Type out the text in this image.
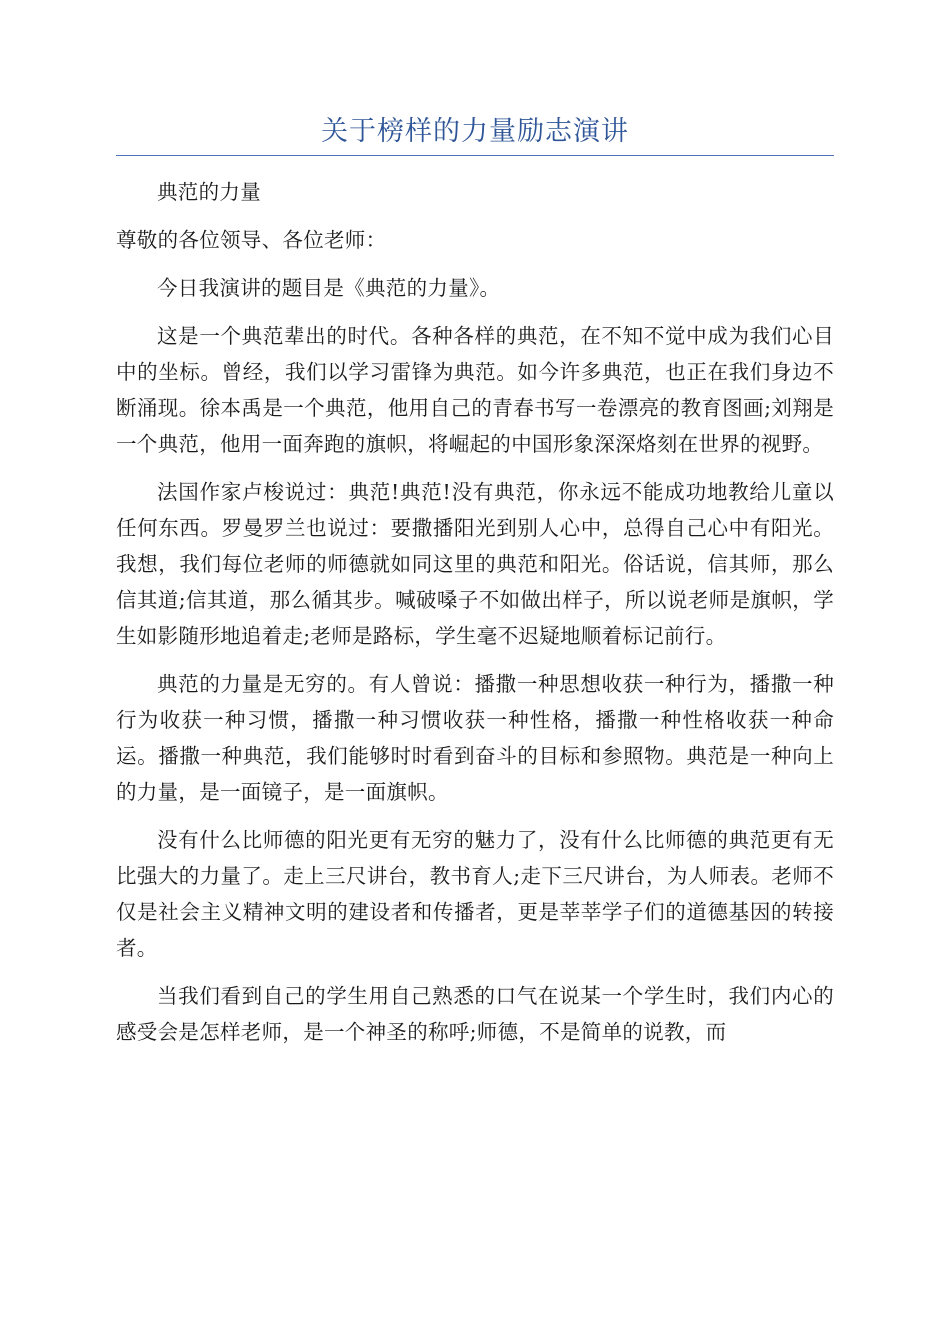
关于榜样的力量励志演讲

典范的力量

尊敬的各位领导、各位老师：

今日我演讲的题目是《典范的力量》。

这是一个典范辈出的时代。各种各样的典范，在不知不觉中成为我们心目中的坐标。曾经，我们以学习雷锋为典范。如今许多典范，也正在我们身边不断涌现。徐本禹是一个典范，他用自己的青春书写一卷漂亮的教育图画;刘翔是一个典范，他用一面奔跑的旗帜，将崛起的中国形象深深烙刻在世界的视野。

法国作家卢梭说过：典范!典范!没有典范，你永远不能成功地教给儿童以任何东西。罗曼罗兰也说过：要撒播阳光到别人心中，总得自己心中有阳光。我想，我们每位老师的师德就如同这里的典范和阳光。俗话说，信其师，那么信其道;信其道，那么循其步。喊破嗓子不如做出样子，所以说老师是旗帜，学生如影随形地追着走;老师是路标，学生毫不迟疑地顺着标记前行。

典范的力量是无穷的。有人曾说：播撒一种思想收获一种行为，播撒一种行为收获一种习惯，播撒一种习惯收获一种性格，播撒一种性格收获一种命运。播撒一种典范，我们能够时时看到奋斗的目标和参照物。典范是一种向上的力量，是一面镜子，是一面旗帜。

没有什么比师德的阳光更有无穷的魅力了，没有什么比师德的典范更有无比强大的力量了。走上三尺讲台，教书育人;走下三尺讲台，为人师表。老师不仅是社会主义精神文明的建设者和传播者，更是莘莘学子们的道德基因的转接者。

当我们看到自己的学生用自己熟悉的口气在说某一个学生时，我们内心的感受会是怎样老师，是一个神圣的称呼;师德，不是简单的说教，而
